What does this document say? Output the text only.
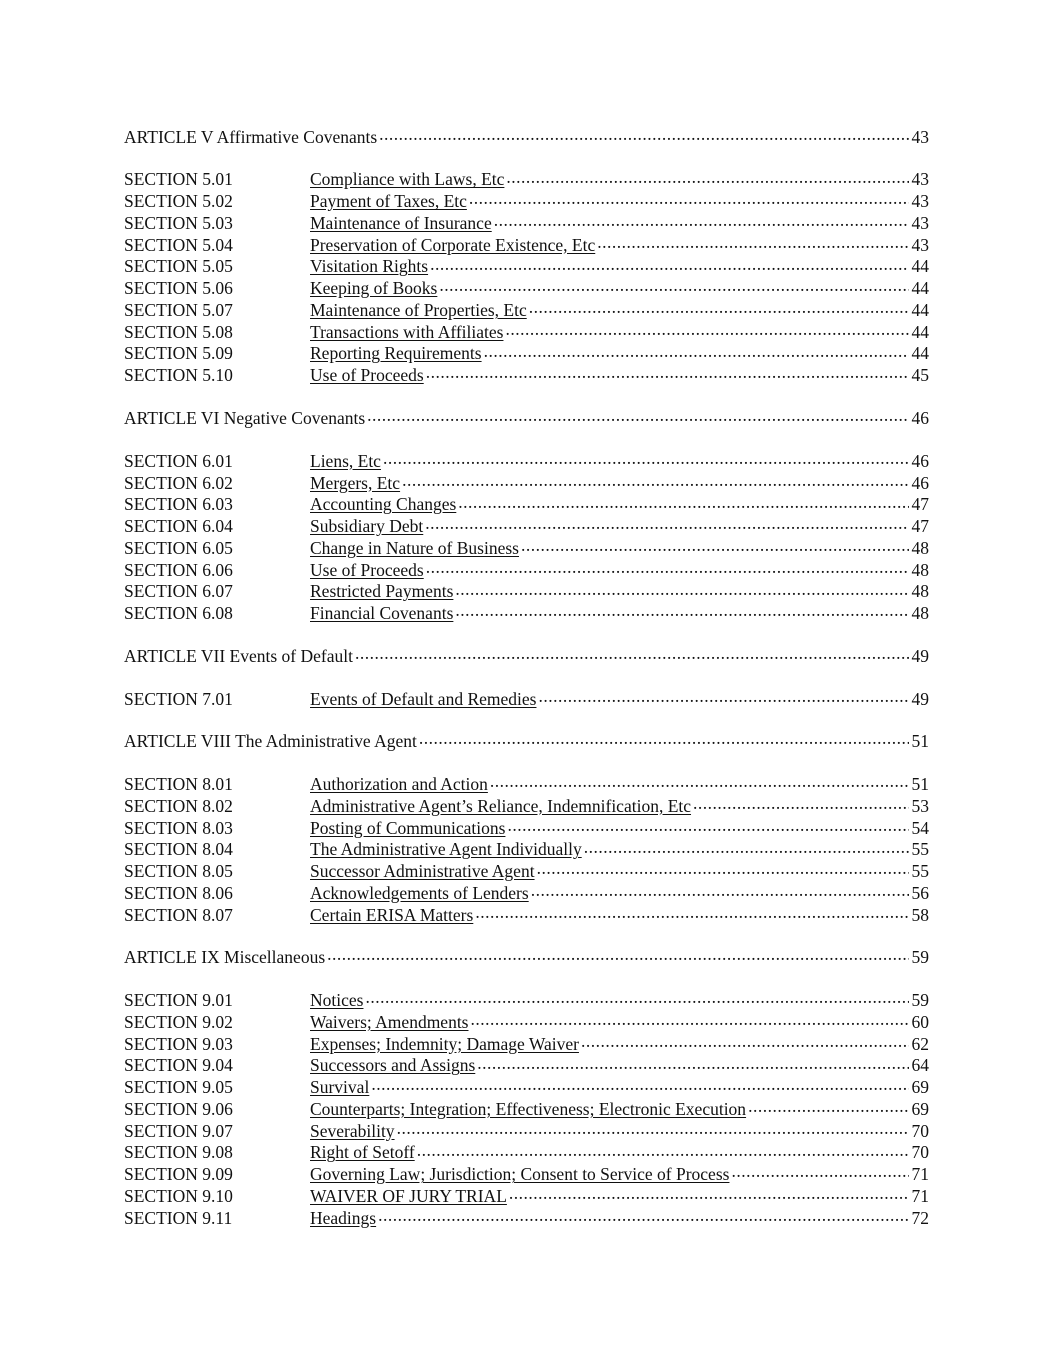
ARTICLE V Affirmative Covenants .....	43
SECTION 5.01	Compliance with Laws, Etc .....	43
SECTION 5.02	Payment of Taxes, Etc .....	43
SECTION 5.03	Maintenance of Insurance .....	43
SECTION 5.04	Preservation of Corporate Existence, Etc .....	43
SECTION 5.05	Visitation Rights .....	44
SECTION 5.06	Keeping of Books .....	44
SECTION 5.07	Maintenance of Properties, Etc .....	44
SECTION 5.08	Transactions with Affiliates .....	44
SECTION 5.09	Reporting Requirements .....	44
SECTION 5.10	Use of Proceeds .....	45
ARTICLE VI Negative Covenants .....	46
SECTION 6.01	Liens, Etc .....	46
SECTION 6.02	Mergers, Etc .....	46
SECTION 6.03	Accounting Changes .....	47
SECTION 6.04	Subsidiary Debt .....	47
SECTION 6.05	Change in Nature of Business .....	48
SECTION 6.06	Use of Proceeds .....	48
SECTION 6.07	Restricted Payments .....	48
SECTION 6.08	Financial Covenants .....	48
ARTICLE VII Events of Default .....	49
SECTION 7.01	Events of Default and Remedies .....	49
ARTICLE VIII The Administrative Agent .....	51
SECTION 8.01	Authorization and Action .....	51
SECTION 8.02	Administrative Agent’s Reliance, Indemnification, Etc .....	53
SECTION 8.03	Posting of Communications .....	54
SECTION 8.04	The Administrative Agent Individually .....	55
SECTION 8.05	Successor Administrative Agent .....	55
SECTION 8.06	Acknowledgements of Lenders .....	56
SECTION 8.07	Certain ERISA Matters .....	58
ARTICLE IX Miscellaneous .....	59
SECTION 9.01	Notices .....	59
SECTION 9.02	Waivers; Amendments .....	60
SECTION 9.03	Expenses; Indemnity; Damage Waiver .....	62
SECTION 9.04	Successors and Assigns .....	64
SECTION 9.05	Survival .....	69
SECTION 9.06	Counterparts; Integration; Effectiveness; Electronic Execution .....	69
SECTION 9.07	Severability .....	70
SECTION 9.08	Right of Setoff .....	70
SECTION 9.09	Governing Law; Jurisdiction; Consent to Service of Process .....	71
SECTION 9.10	WAIVER OF JURY TRIAL .....	71
SECTION 9.11	Headings .....	72
